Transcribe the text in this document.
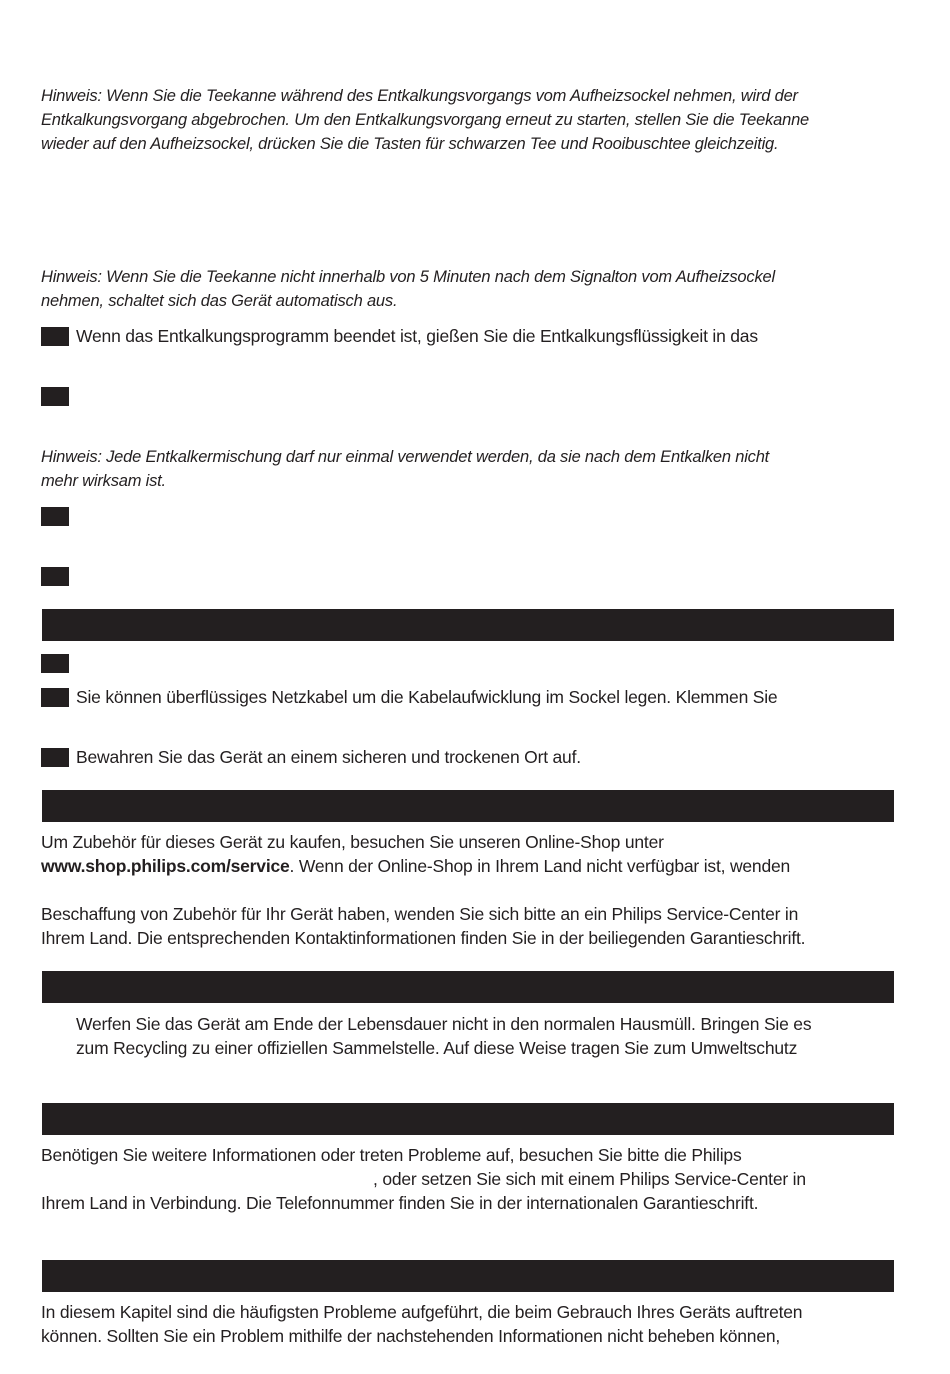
Hinweis: Wenn Sie die Teekanne während des Entkalkungsvorgangs vom Aufheizsockel nehmen, wird der
Entkalkungsvorgang abgebrochen. Um den Entkalkungsvorgang erneut zu starten, stellen Sie die Teekanne
wieder auf den Aufheizsockel, drücken Sie die Tasten für schwarzen Tee und Rooibuschtee gleichzeitig.
Hinweis: Wenn Sie die Teekanne nicht innerhalb von 5 Minuten nach dem Signalton vom Aufheizsockel
nehmen, schaltet sich das Gerät automatisch aus.
Wenn das Entkalkungsprogramm beendet ist, gießen Sie die Entkalkungsflüssigkeit in das
Hinweis: Jede Entkalkermischung darf nur einmal verwendet werden, da sie nach dem Entkalken nicht
mehr wirksam ist.
Sie können überflüssiges Netzkabel um die Kabelaufwicklung im Sockel legen. Klemmen Sie
Bewahren Sie das Gerät an einem sicheren und trockenen Ort auf.
Um Zubehör für dieses Gerät zu kaufen, besuchen Sie unseren Online-Shop unter
www.shop.philips.com/service. Wenn der Online-Shop in Ihrem Land nicht verfügbar ist, wenden
Beschaffung von Zubehör für Ihr Gerät haben, wenden Sie sich bitte an ein Philips Service-Center in
Ihrem Land. Die entsprechenden Kontaktinformationen finden Sie in der beiliegenden Garantieschrift.
Werfen Sie das Gerät am Ende der Lebensdauer nicht in den normalen Hausmüll. Bringen Sie es
zum Recycling zu einer offiziellen Sammelstelle. Auf diese Weise tragen Sie zum Umweltschutz
Benötigen Sie weitere Informationen oder treten Probleme auf, besuchen Sie bitte die Philips
, oder setzen Sie sich mit einem Philips Service-Center in
Ihrem Land in Verbindung. Die Telefonnummer finden Sie in der internationalen Garantieschrift.
In diesem Kapitel sind die häufigsten Probleme aufgeführt, die beim Gebrauch Ihres Geräts auftreten
können. Sollten Sie ein Problem mithilfe der nachstehenden Informationen nicht beheben können,
